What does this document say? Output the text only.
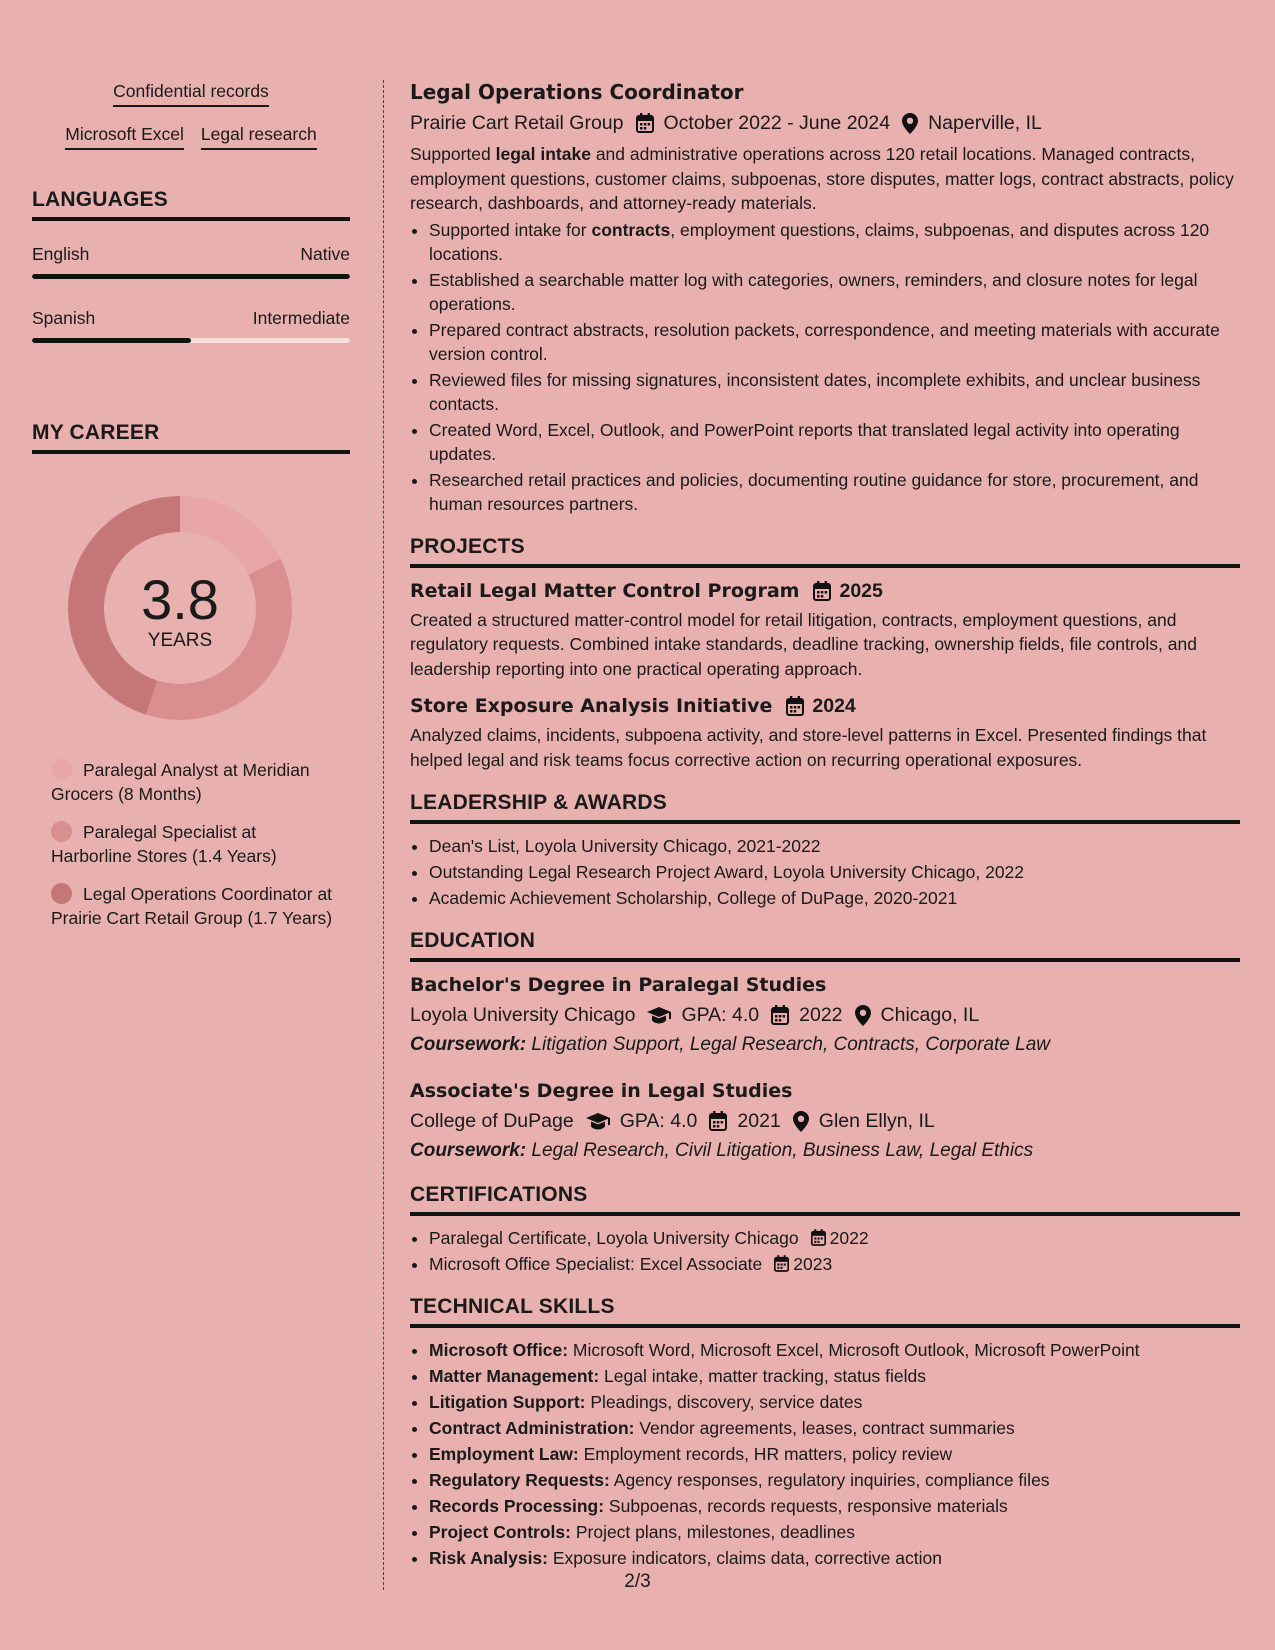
Confidential records
Microsoft Excel Legal research
LANGUAGES
English	Native
Spanish	Intermediate
MY CAREER
3.8
YEARS
Paralegal Analyst at Meridian Grocers (8 Months)
Paralegal Specialist at Harborline Stores (1.4 Years)
Legal Operations Coordinator at Prairie Cart Retail Group (1.7 Years)
Legal Operations Coordinator
Prairie Cart Retail Group October 2022 - June 2024 Naperville, IL

Supported legal intake and administrative operations across 120 retail locations. Managed contracts, employment questions, customer claims, subpoenas, store disputes, matter logs, contract abstracts, policy research, dashboards, and attorney-ready materials.

• Supported intake for contracts, employment questions, claims, subpoenas, and disputes across 120 locations.
• Established a searchable matter log with categories, owners, reminders, and closure notes for legal operations.
• Prepared contract abstracts, resolution packets, correspondence, and meeting materials with accurate version control.
• Reviewed files for missing signatures, inconsistent dates, incomplete exhibits, and unclear business contacts.
• Created Word, Excel, Outlook, and PowerPoint reports that translated legal activity into operating updates.
• Researched retail practices and policies, documenting routine guidance for store, procurement, and human resources partners.
PROJECTS
Retail Legal Matter Control Program 2025

Created a structured matter-control model for retail litigation, contracts, employment questions, and regulatory requests. Combined intake standards, deadline tracking, ownership fields, file controls, and leadership reporting into one practical operating approach.

Store Exposure Analysis Initiative 2024

Analyzed claims, incidents, subpoena activity, and store-level patterns in Excel. Presented findings that helped legal and risk teams focus corrective action on recurring operational exposures.

LEADERSHIP & AWARDS
• Dean's List, Loyola University Chicago, 2021-2022
• Outstanding Legal Research Project Award, Loyola University Chicago, 2022
• Academic Achievement Scholarship, College of DuPage, 2020-2021
EDUCATION
Bachelor's Degree in Paralegal Studies
Loyola University Chicago GPA: 4.0 2022 Chicago, IL
Coursework: Litigation Support, Legal Research, Contracts, Corporate Law
Associate's Degree in Legal Studies
College of DuPage GPA: 4.0 2021 Glen Ellyn, IL
Coursework: Legal Research, Civil Litigation, Business Law, Legal Ethics
CERTIFICATIONS
• Paralegal Certificate, Loyola University Chicago 2022
• Microsoft Office Specialist: Excel Associate 2023
TECHNICAL SKILLS
• Microsoft Office: Microsoft Word, Microsoft Excel, Microsoft Outlook, Microsoft PowerPoint
• Matter Management: Legal intake, matter tracking, status fields
• Litigation Support: Pleadings, discovery, service dates
• Contract Administration: Vendor agreements, leases, contract summaries
• Employment Law: Employment records, HR matters, policy review
• Regulatory Requests: Agency responses, regulatory inquiries, compliance files
• Records Processing: Subpoenas, records requests, responsive materials
• Project Controls: Project plans, milestones, deadlines
• Risk Analysis: Exposure indicators, claims data, corrective action
2/3
